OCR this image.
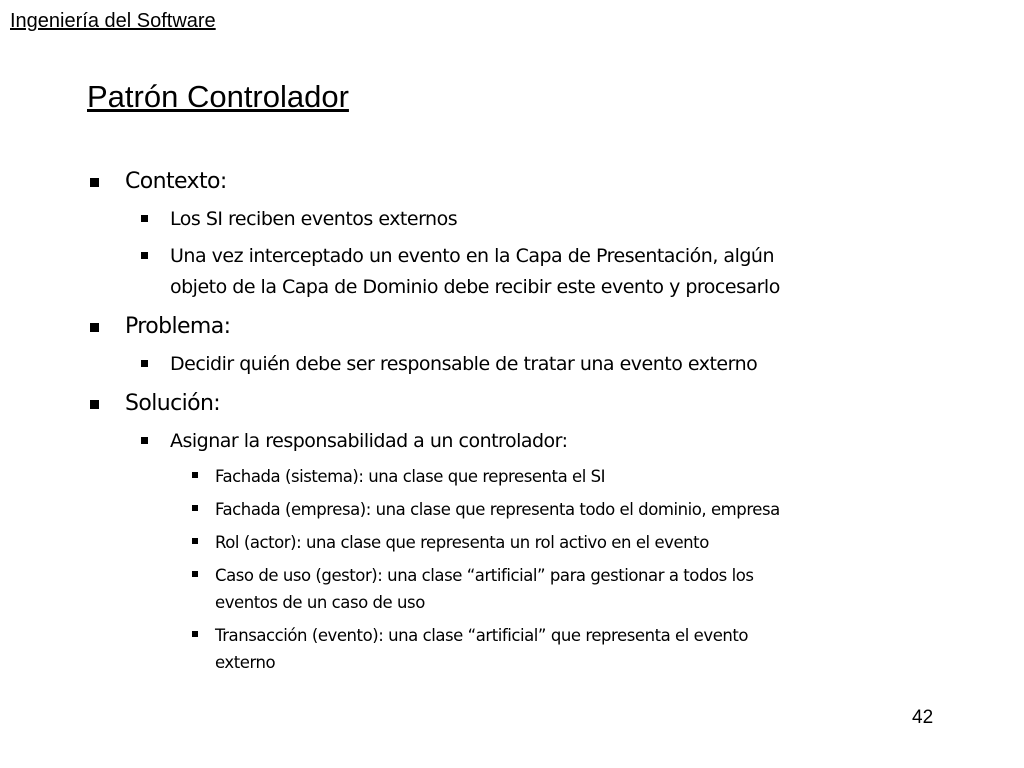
Ingeniería del Software
Patrón Controlador
Contexto:
Los SI reciben eventos externos
Una vez interceptado un evento en la Capa de Presentación, algún
objeto de la Capa de Dominio debe recibir este evento y procesarlo
Problema:
Decidir quién debe ser responsable de tratar una evento externo
Solución:
Asignar la responsabilidad a un controlador:
Fachada (sistema): una clase que representa el SI
Fachada (empresa): una clase que representa todo el dominio, empresa
Rol (actor): una clase que representa un rol activo en el evento
Caso de uso (gestor): una clase “artificial” para gestionar a todos los
eventos de un caso de uso
Transacción (evento): una clase “artificial” que representa el evento
externo
42
